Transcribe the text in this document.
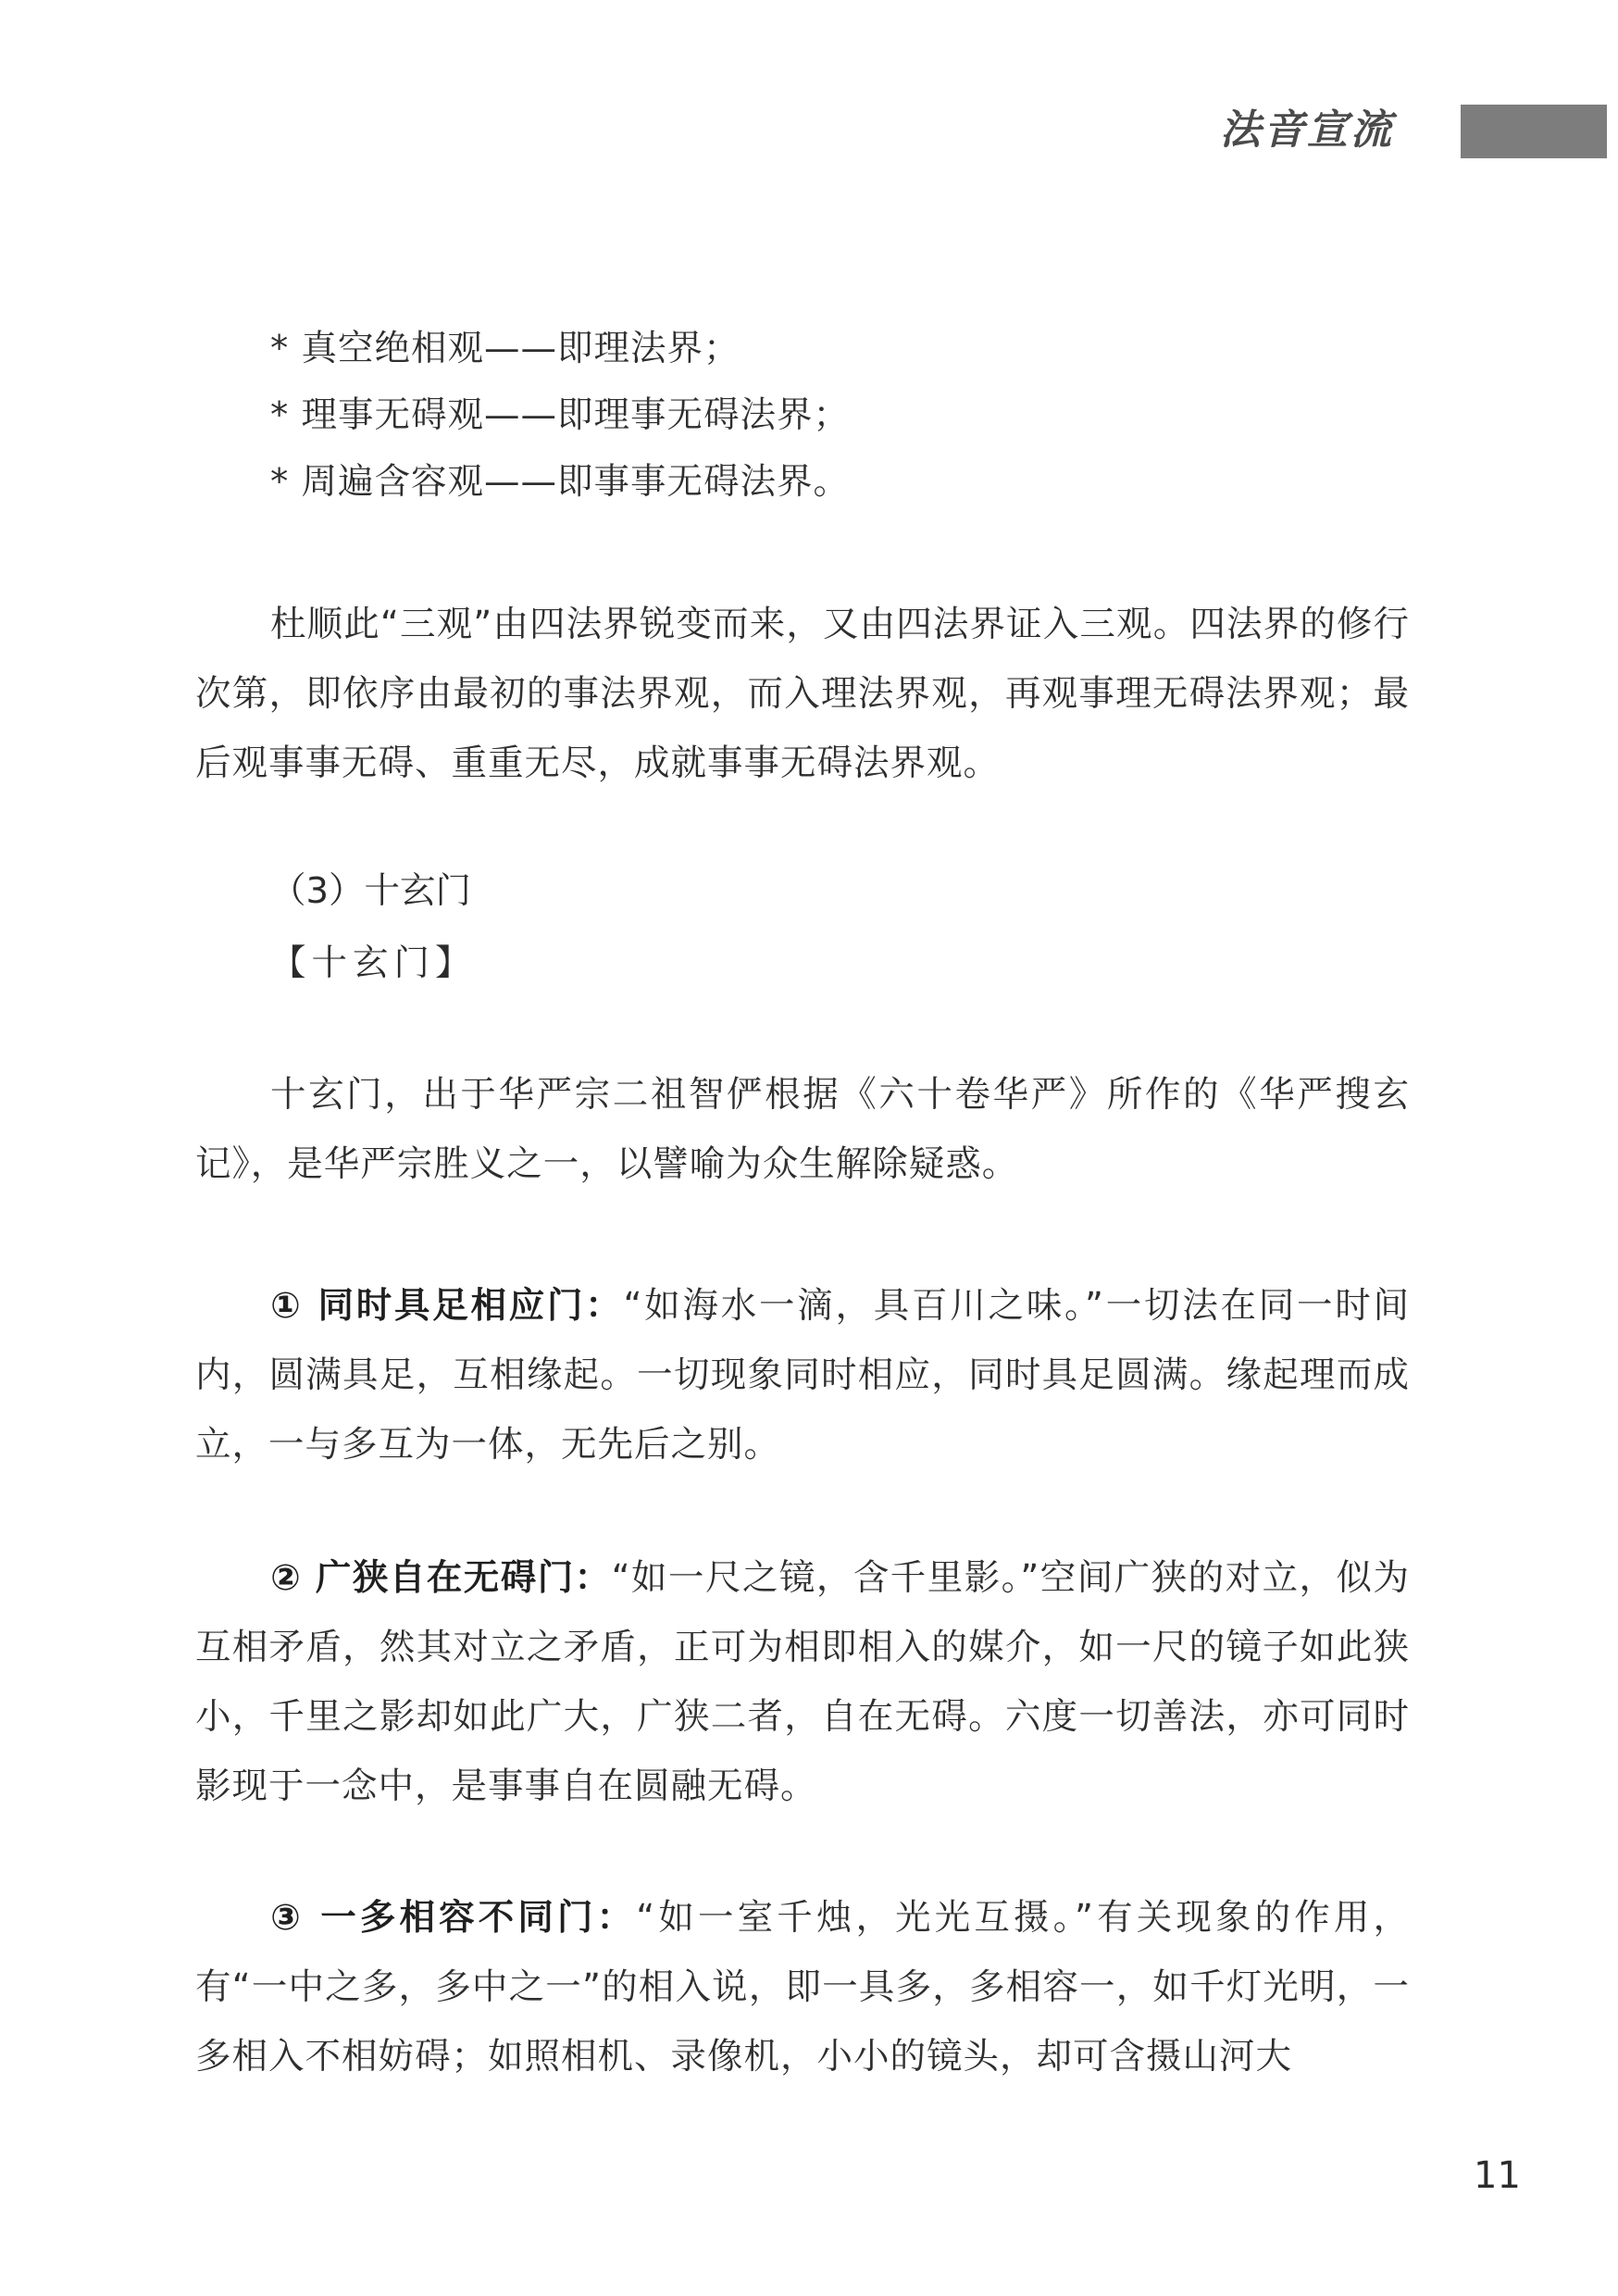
法音宣流
* 真空绝相观——即理法界；
* 理事无碍观——即理事无碍法界；
* 周遍含容观——即事事无碍法界。

杜顺此“三观”由四法界锐变而来，又由四法界证入三观。四法界的修行次第，即依序由最初的事法界观，而入理法界观，再观事理无碍法界观；最后观事事无碍、重重无尽，成就事事无碍法界观。

（3）十玄门
【十玄门】

十玄门，出于华严宗二祖智俨根据《六十卷华严》所作的《华严搜玄记》，是华严宗胜义之一，以譬喻为众生解除疑惑。

① 同时具足相应门：“如海水一滴，具百川之味。”一切法在同一时间内，圆满具足，互相缘起。一切现象同时相应，同时具足圆满。缘起理而成立，一与多互为一体，无先后之别。

② 广狭自在无碍门：“如一尺之镜，含千里影。”空间广狭的对立，似为互相矛盾，然其对立之矛盾，正可为相即相入的媒介，如一尺的镜子如此狭小，千里之影却如此广大，广狭二者，自在无碍。六度一切善法，亦可同时影现于一念中，是事事自在圆融无碍。

③ 一多相容不同门：“如一室千烛，光光互摄。”有关现象的作用，有“一中之多，多中之一”的相入说，即一具多，多相容一，如千灯光明，一多相入不相妨碍；如照相机、录像机，小小的镜头，却可含摄山河大

11
